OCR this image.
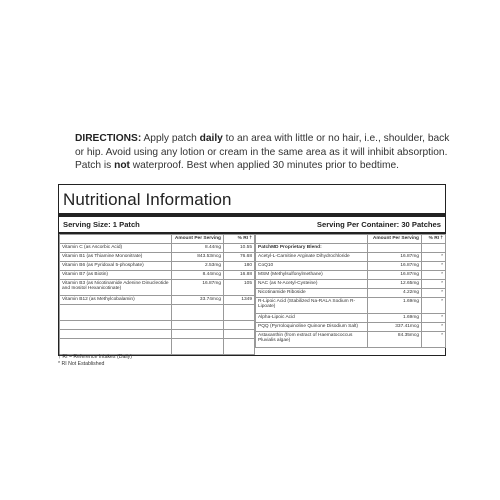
DIRECTIONS: Apply patch daily to an area with little or no hair, i.e., shoulder, back or hip. Avoid using any lotion or cream in the same area as it will inhibit absorption. Patch is not waterproof. Best when applied 30 minutes prior to bedtime.
Nutritional Information
Serving Size: 1 Patch	Serving Per Container: 30 Patches
	Amount Per Serving	% RI †
Vitamin C (as Ascorbic Acid)	8.44mg	10.55
Vitamin B1 (as Thiamine Mononitrate)	843.53mcg	76.68
Vitamin B6 (as Pyridoxal 5-phosphate)	2.53mg	180
Vitamin B7 (as Biotin)	8.44mcg	16.88
Vitamin B3 (as Nicotinamide Adenine Dinucleotide and Inositol Hexanicotinate)	16.87mg	105
Vitamin B12 (as Methylcobalamin)	33.74mcg	1349

	Amount Per Serving	% RI †
PatchMD Proprietary Blend:		
Acetyl-L-Carnitine Arginate Dihydrochloride	16.87mg	*
CoQ10	16.87mg	*
MSM (Methylsulfonylmethane)	16.87mg	*
NAC (as N-Acetyl-Cysteine)	12.65mg	*
Nicotinamide Riboside	4.22mg	*
R-Lipoic Acid (Stabilized Na-RALA Sodium R-Lipoate)	1.69mg	*
Alpha-Lipoic Acid	1.69mg	*
PQQ (Pyrroloquinoline Quinone Disodium Salt)	337.41mcg	*
Astaxanthin (from extract of Haematococcus Pluvialis algae)	84.35mcg	*
† RI = Reference Intakes (Daily)
* RI Not Established
